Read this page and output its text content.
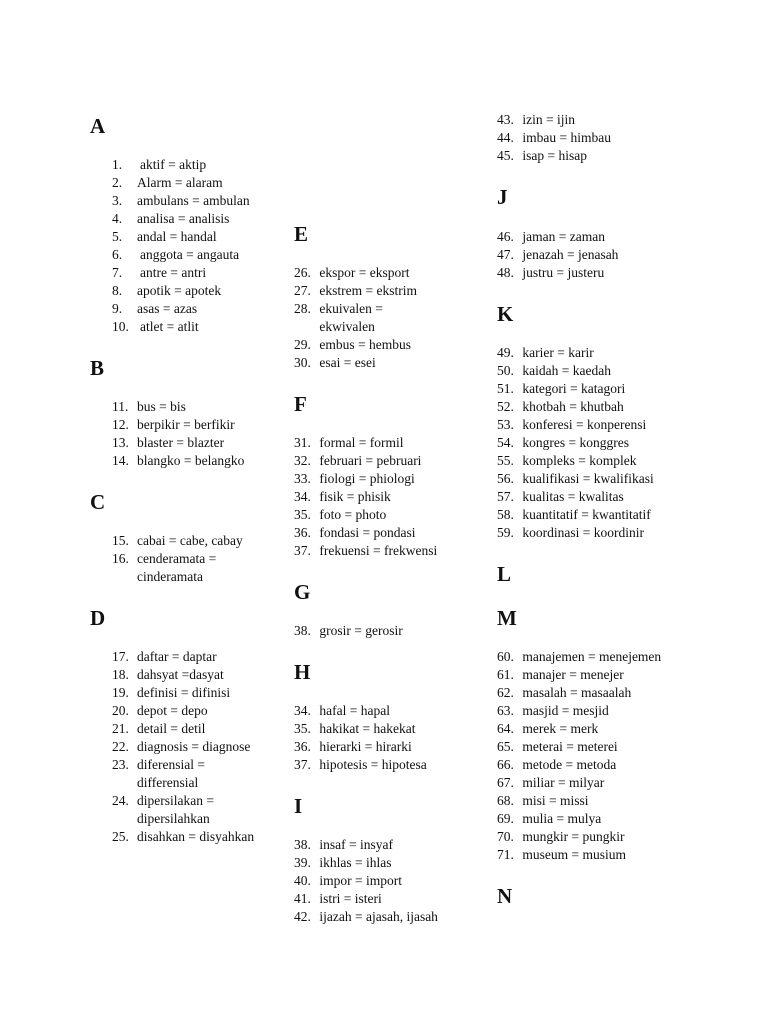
A
1.aktif = aktip
2. Alarm = alaram
3. ambulans = ambulan
4. analisa = analisis
5. andal = handal
6.anggota = angauta
7.antre = antri
8. apotik = apotek
9. asas = azas
10.atlet = atlit
B
11. bus = bis
12. berpikir = berfikir
13. blaster = blazter
14. blangko = belangko
C
15. cabai = cabe, cabay
16. cenderamata =
cinderamata
D
17. daftar = daptar
18. dahsyat =dasyat
19. definisi = difinisi
20.depot = depo
21. detail = detil
22. diagnosis = diagnose
23. diferensial =
differensial
24. dipersilakan =
dipersilahkan
25. disahkan = disyahkan
E
26. ekspor = eksport
27. ekstrem = ekstrim
28. ekuivalen =
ekwivalen
29. embus = hembus
30. esai = esei
F
31. formal = formil
32. februari = pebruari
33. fiologi = phiologi
34. fisik = phisik
35. foto = photo
36. fondasi = pondasi
37. frekuensi = frekwensi
G
38. grosir = gerosir
H
34. hafal = hapal
35. hakikat = hakekat
36. hierarki = hirarki
37. hipotesis = hipotesa
I
38. insaf = insyaf
39. ikhlas = ihlas
40. impor = import
41. istri = isteri
42. ijazah = ajasah, ijasah
43. izin = ijin
44. imbau = himbau
45. isap = hisap
J
46. jaman = zaman
47. jenazah = jenasah
48. justru = justeru
K
49. karier = karir
50. kaidah = kaedah
51. kategori = katagori
52. khotbah = khutbah
53. konferesi = konperensi
54. kongres = konggres
55. kompleks = komplek
56. kualifikasi = kwalifikasi
57. kualitas = kwalitas
58. kuantitatif = kwantitatif
59. koordinasi = koordinir
L
M
60. manajemen = menejemen
61. manajer = menejer
62. masalah = masaalah
63. masjid = mesjid
64. merek = merk
65. meterai = meterei
66. metode = metoda
67. miliar = milyar
68. misi = missi
69. mulia = mulya
70. mungkir = pungkir
71. museum = musium
N
